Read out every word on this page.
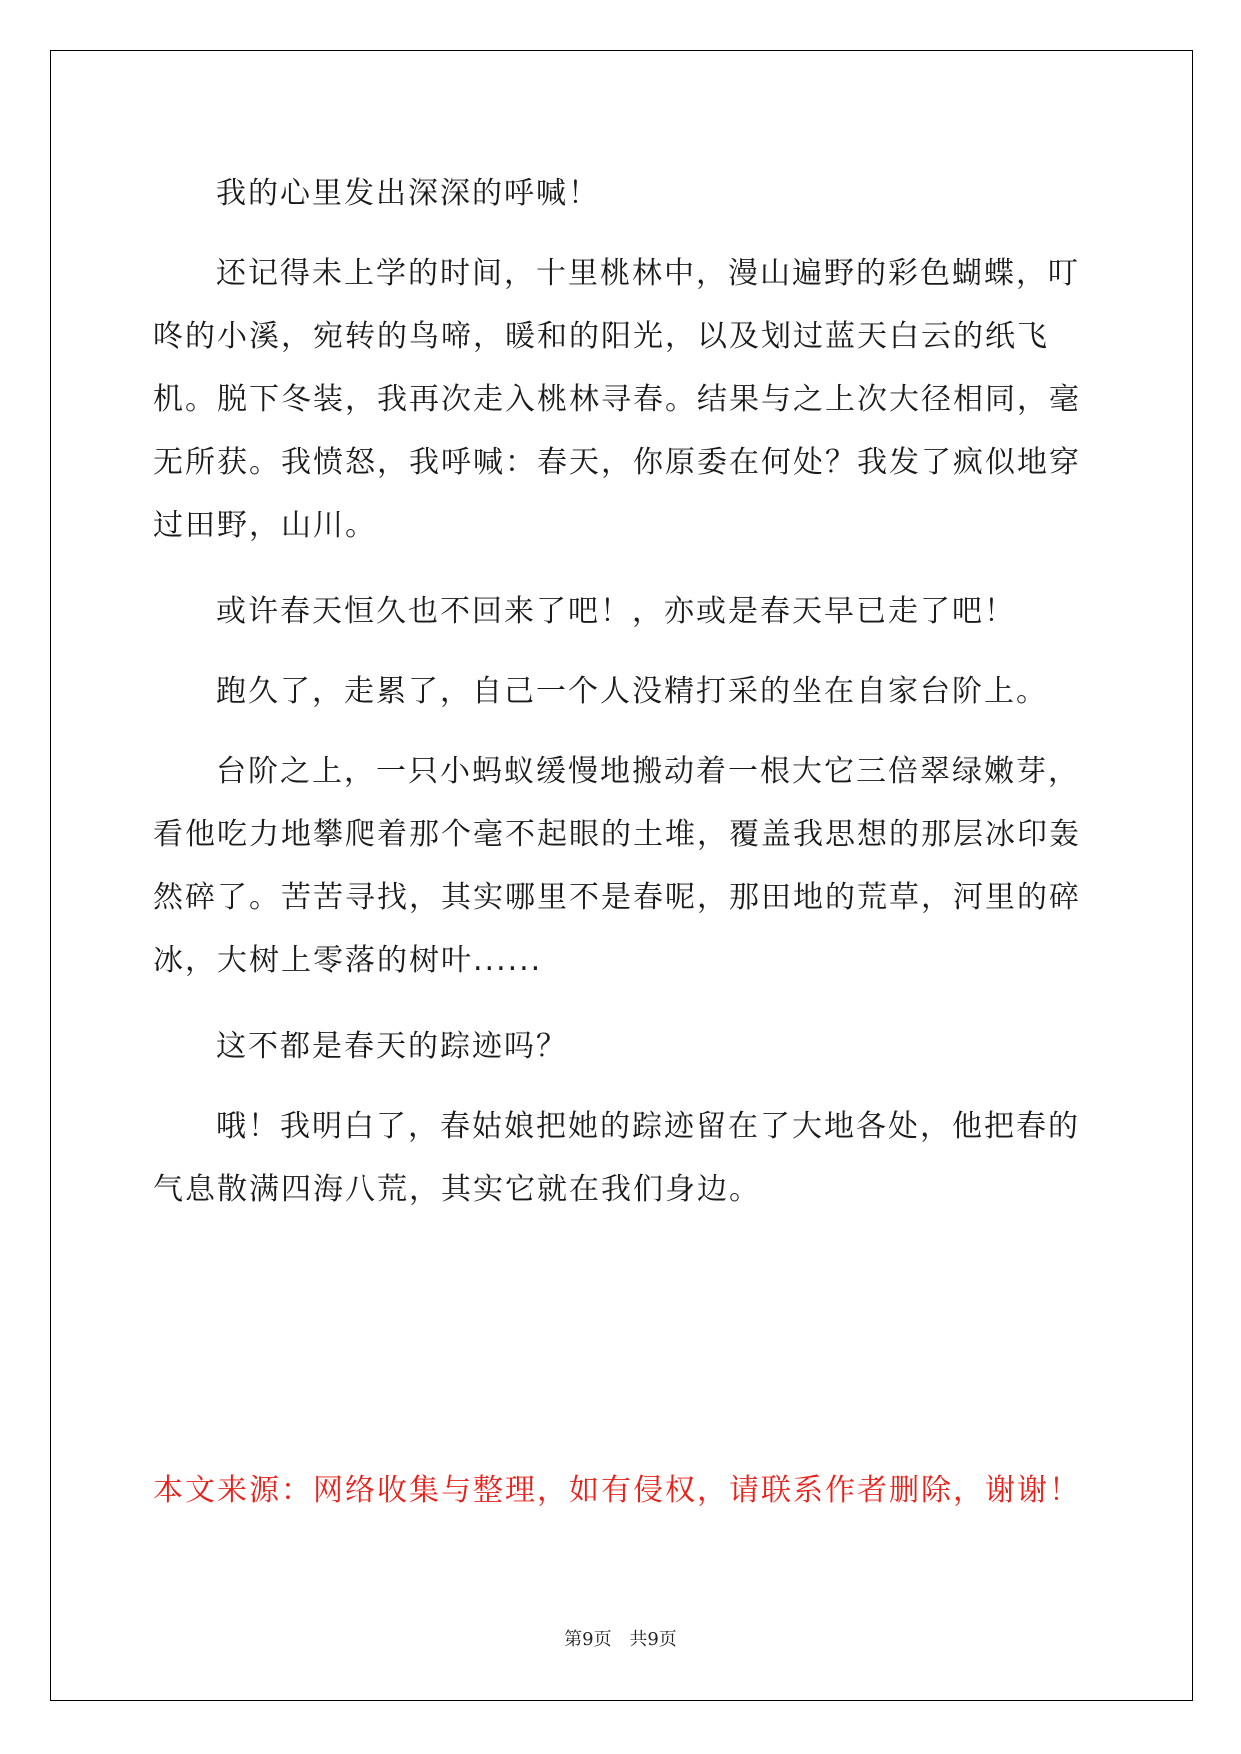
我的心里发出深深的呼喊！

还记得未上学的时间，十里桃林中，漫山遍野的彩色蝴蝶，叮咚的小溪，宛转的鸟啼，暖和的阳光，以及划过蓝天白云的纸飞机。脱下冬装，我再次走入桃林寻春。结果与之上次大径相同，毫无所获。我愤怒，我呼喊：春天，你原委在何处？我发了疯似地穿过田野，山川。

或许春天恒久也不回来了吧！，亦或是春天早已走了吧！

跑久了，走累了，自己一个人没精打采的坐在自家台阶上。

台阶之上，一只小蚂蚁缓慢地搬动着一根大它三倍翠绿嫩芽，看他吃力地攀爬着那个毫不起眼的土堆，覆盖我思想的那层冰印轰然碎了。苦苦寻找，其实哪里不是春呢，那田地的荒草，河里的碎冰，大树上零落的树叶......

这不都是春天的踪迹吗？

哦！我明白了，春姑娘把她的踪迹留在了大地各处，他把春的气息散满四海八荒，其实它就在我们身边。

本文来源：网络收集与整理，如有侵权，请联系作者删除，谢谢！

第9页 共9页
